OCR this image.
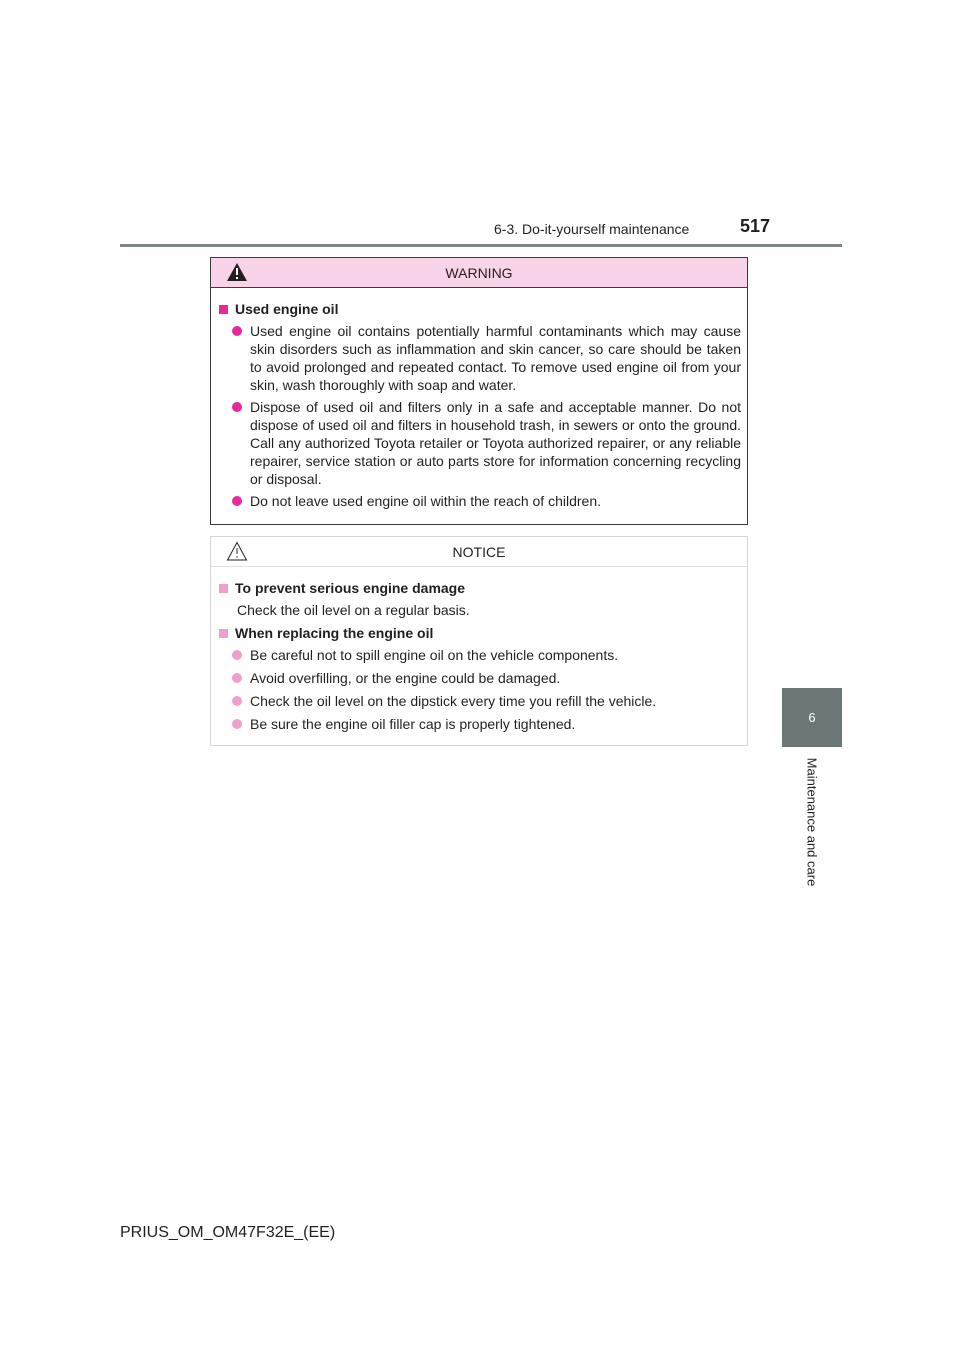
6-3. Do-it-yourself maintenance	517
6
Maintenance and care
WARNING
Used engine oil
Used engine oil contains potentially harmful contaminants which may cause skin disorders such as inflammation and skin cancer, so care should be taken to avoid prolonged and repeated contact. To remove used engine oil from your skin, wash thoroughly with soap and water.
Dispose of used oil and filters only in a safe and acceptable manner. Do not dispose of used oil and filters in household trash, in sewers or onto the ground. Call any authorized Toyota retailer or Toyota authorized repairer, or any reliable repairer, service station or auto parts store for information concerning recycling or disposal.
Do not leave used engine oil within the reach of children.
NOTICE
To prevent serious engine damage
Check the oil level on a regular basis.
When replacing the engine oil
Be careful not to spill engine oil on the vehicle components.
Avoid overfilling, or the engine could be damaged.
Check the oil level on the dipstick every time you refill the vehicle.
Be sure the engine oil filler cap is properly tightened.
PRIUS_OM_OM47F32E_(EE)
